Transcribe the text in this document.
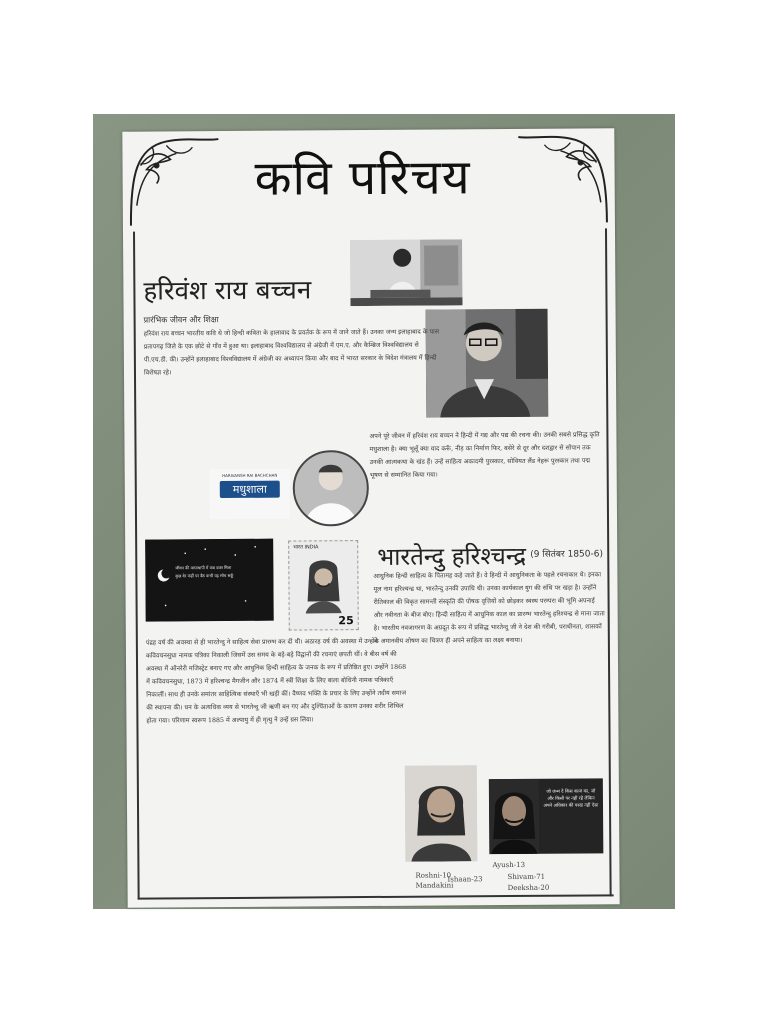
कवि परिचय
हरिवंश राय बच्चन
प्रारंभिक जीवन और शिक्षा
हरिवंश राय बच्चन भारतीय कवि थे जो हिन्दी कविता के हालावाद के प्रवर्तक के रूप में जाने जाते हैं। उनका जन्म इलाहाबाद के पास प्रतापगढ़ जिले के एक छोटे से गाँव में हुआ था। इलाहाबाद विश्वविद्यालय से अंग्रेजी में एम.ए. और कैम्ब्रिज विश्वविद्यालय से पी.एच.डी. की। उन्होंने इलाहाबाद विश्वविद्यालय में अंग्रेजी का अध्यापन किया और बाद में भारत सरकार के विदेश मंत्रालय में हिन्दी विशेषज्ञ रहे।
HARIVANSH RAI BACHCHAN
मधुशाला
अपने पूरे जीवन में हरिवंश राय बच्चन ने हिन्दी में गद्य और पद्य की रचना की। उनकी सबसे प्रसिद्ध कृति मधुशाला है। क्या भूलूँ क्या याद करूँ, नीड़ का निर्माण फिर, बसेरे से दूर और दशद्वार से सोपान तक उनकी आत्मकथा के खंड हैं। उन्हें साहित्य अकादमी पुरस्कार, सोवियत लैंड नेहरू पुरस्कार तथा पद्म भूषण से सम्मानित किया गया।
जीवन की आपाधापी में कब वक्त मिला
कुछ देर कहीं पर बैठ कभी यह सोच सकूँ
भारत INDIA
25
भारतेन्दु हरिश्चन्द्र (9 सितंबर 1850-6)
आधुनिक हिन्दी साहित्य के पितामह कहे जाते हैं। वे हिन्दी में आधुनिकता के पहले रचनाकार थे। इनका मूल नाम हरिश्चन्द्र था, भारतेन्दु उनकी उपाधि थी। उनका कार्यकाल युग की संधि पर खड़ा है। उन्होंने रीतिकाल की विकृत सामन्ती संस्कृति की पोषक वृत्तियों को छोड़कर स्वस्थ परम्परा की भूमि अपनाई और नवीनता के बीज बोए। हिन्दी साहित्य में आधुनिक काल का प्रारम्भ भारतेन्दु हरिश्चन्द्र से माना जाता है। भारतीय नवजागरण के अग्रदूत के रूप में प्रसिद्ध भारतेन्दु जी ने देश की गरीबी, पराधीनता, शासकों के अमानवीय शोषण का चित्रण ही अपने साहित्य का लक्ष्य बनाया।
पंद्रह वर्ष की अवस्था से ही भारतेन्दु ने साहित्य सेवा प्रारम्भ कर दी थी। अठारह वर्ष की अवस्था में उन्होंने कविवचनसुधा नामक पत्रिका निकाली जिसमें उस समय के बड़े-बड़े विद्वानों की रचनाएं छपती थीं। वे बीस वर्ष की अवस्था में ऑनरेरी मजिस्ट्रेट बनाए गए और आधुनिक हिन्दी साहित्य के जनक के रूप में प्रतिष्ठित हुए। उन्होंने 1868 में कविवचनसुधा, 1873 में हरिश्चन्द्र मैगजीन और 1874 में स्त्री शिक्षा के लिए बाला बोधिनी नामक पत्रिकाएँ निकालीं। साथ ही उनके समांतर साहित्यिक संस्थाएँ भी खड़ी कीं। वैष्णव भक्ति के प्रचार के लिए उन्होंने तदीय समाज की स्थापना की। धन के अत्यधिक व्यय से भारतेन्दु जी ऋणी बन गए और दुश्चिंताओं के कारण उनका शरीर शिथिल होता गया। परिणाम स्वरूप 1885 में अल्पायु में ही मृत्यु ने उन्हें ग्रस लिया।
जो जन्म दे किस काज का, जो और किसी पर नहीं रहे लेकिन अपने अधिकार की परख नहीं ऐसा
Roshni-10
Mandakini
Ayush-13
Ishaan-23	Shivam-71
Deeksha-20
